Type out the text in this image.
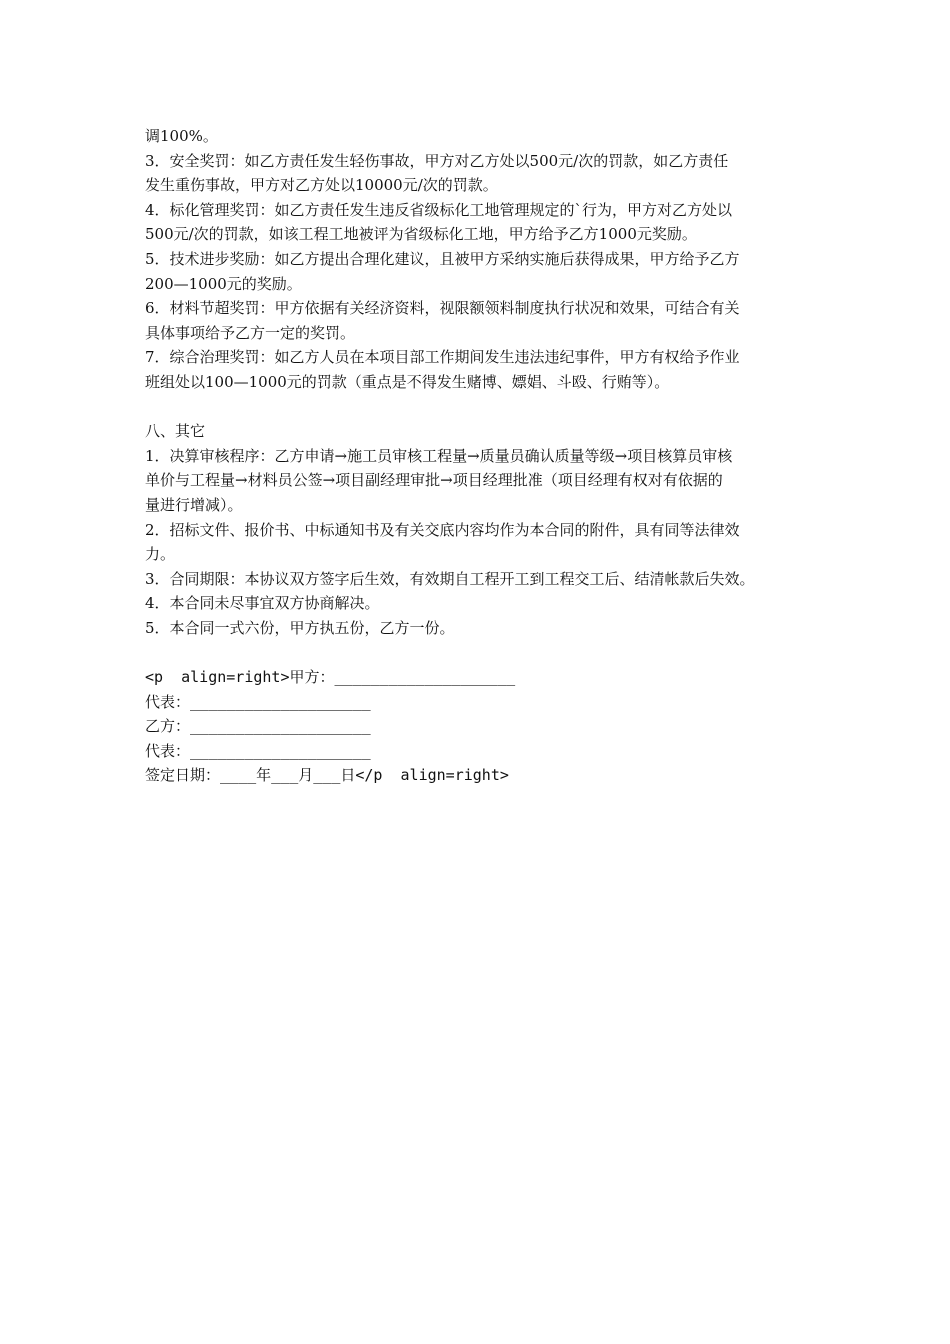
调100%。
3．安全奖罚：如乙方责任发生轻伤事故，甲方对乙方处以500元/次的罚款，如乙方责任
发生重伤事故，甲方对乙方处以10000元/次的罚款。
4．标化管理奖罚：如乙方责任发生违反省级标化工地管理规定的`行为，甲方对乙方处以
500元/次的罚款，如该工程工地被评为省级标化工地，甲方给予乙方1000元奖励。
5．技术进步奖励：如乙方提出合理化建议，且被甲方采纳实施后获得成果，甲方给予乙方
200—1000元的奖励。
6．材料节超奖罚：甲方依据有关经济资料，视限额领料制度执行状况和效果，可结合有关
具体事项给予乙方一定的奖罚。
7．综合治理奖罚：如乙方人员在本项目部工作期间发生违法违纪事件，甲方有权给予作业
班组处以100—1000元的罚款（重点是不得发生赌博、嫖娼、斗殴、行贿等）。
八、其它
1．决算审核程序：乙方申请→施工员审核工程量→质量员确认质量等级→项目核算员审核
单价与工程量→材料员公签→项目副经理审批→项目经理批准（项目经理有权对有依据的
量进行增减）。
2．招标文件、报价书、中标通知书及有关交底内容均作为本合同的附件，具有同等法律效
力。
3．合同期限：本协议双方签字后生效，有效期自工程开工到工程交工后、结清帐款后失效。
4．本合同未尽事宜双方协商解决。
5．本合同一式六份，甲方执五份，乙方一份。
<p  align=right>甲方：____________________
代表：____________________
乙方：____________________
代表：____________________
签定日期：____年___月___日</p  align=right>
